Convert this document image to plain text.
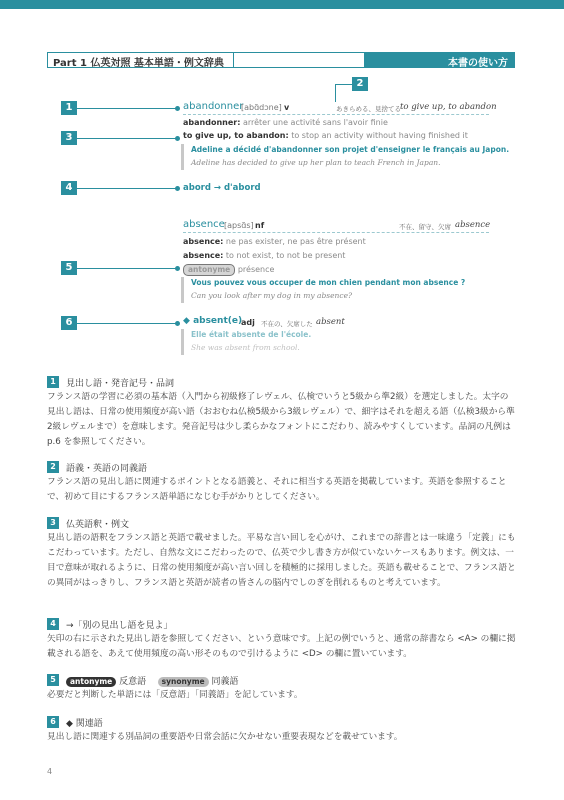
Part 1 仏英対照 基本単語・例文辞典	本書の使い方
2
1	abandonner
[abɑ̃dɔne] v	あきらめる、見捨てる to give up, to abandon
abandonner: arrêter une activité sans l'avoir finie
3	to give up, to abandon: to stop an activity without having finished it
Adeline a décidé d'abandonner son projet d'enseigner le français au Japon.
Adeline has decided to give up her plan to teach French in Japan.
4	abord → d'abord
absence [apsɑ̃s] nf	不在、留守、欠席 absence
absence: ne pas exister, ne pas être présent
absence: to not exist, to not be present
5	antonyme présence
Vous pouvez vous occuper de mon chien pendant mon absence ?
Can you look after my dog in my absence?
6	◆ absent(e)
adj 不在の、欠席した absent
Elle était absente de l'école.
She was absent from school.
1	見出し語・発音記号・品詞
フランス語の学習に必須の基本語（入門から初級修了レヴェル、仏検でいうと5級から準2級）を選定しました。太字の見出し語は、日常の使用頻度が高い語（おおむね仏検5級から3級レヴェル）で、細字はそれを超える語（仏検3級から準2級レヴェルまで）を意味します。発音記号は少し柔らかなフォントにこだわり、読みやすくしています。品詞の凡例は p.6 を参照してください。
2	語義・英語の同義語
フランス語の見出し語に関連するポイントとなる語義と、それに相当する英語を掲載しています。英語を参照することで、初めて目にするフランス語単語になじむ手がかりとしてください。
3	仏英語釈・例文
見出し語の語釈をフランス語と英語で載せました。平易な言い回しを心がけ、これまでの辞書とは一味違う「定義」にもこだわっています。ただし、自然な文にこだわったので、仏英で少し書き方が似ていないケースもあります。例文は、一目で意味が取れるように、日常の使用頻度が高い言い回しを積極的に採用しました。英語も載せることで、フランス語との異同がはっきりし、フランス語と英語が読者の皆さんの脳内でしのぎを削れるものと考えています。
4	→「別の見出し語を見よ」
矢印の右に示された見出し語を参照してください、という意味です。上記の例でいうと、通常の辞書なら <A> の欄に掲載される語を、あえて使用頻度の高い形そのもので引けるように <D> の欄に置いています。
5	antonyme 反意語 synonyme 同義語
必要だと判断した単語には「反意語」「同義語」を記しています。
6	◆ 関連語
見出し語に関連する別品詞の重要語や日常会話に欠かせない重要表現などを載せています。
4
